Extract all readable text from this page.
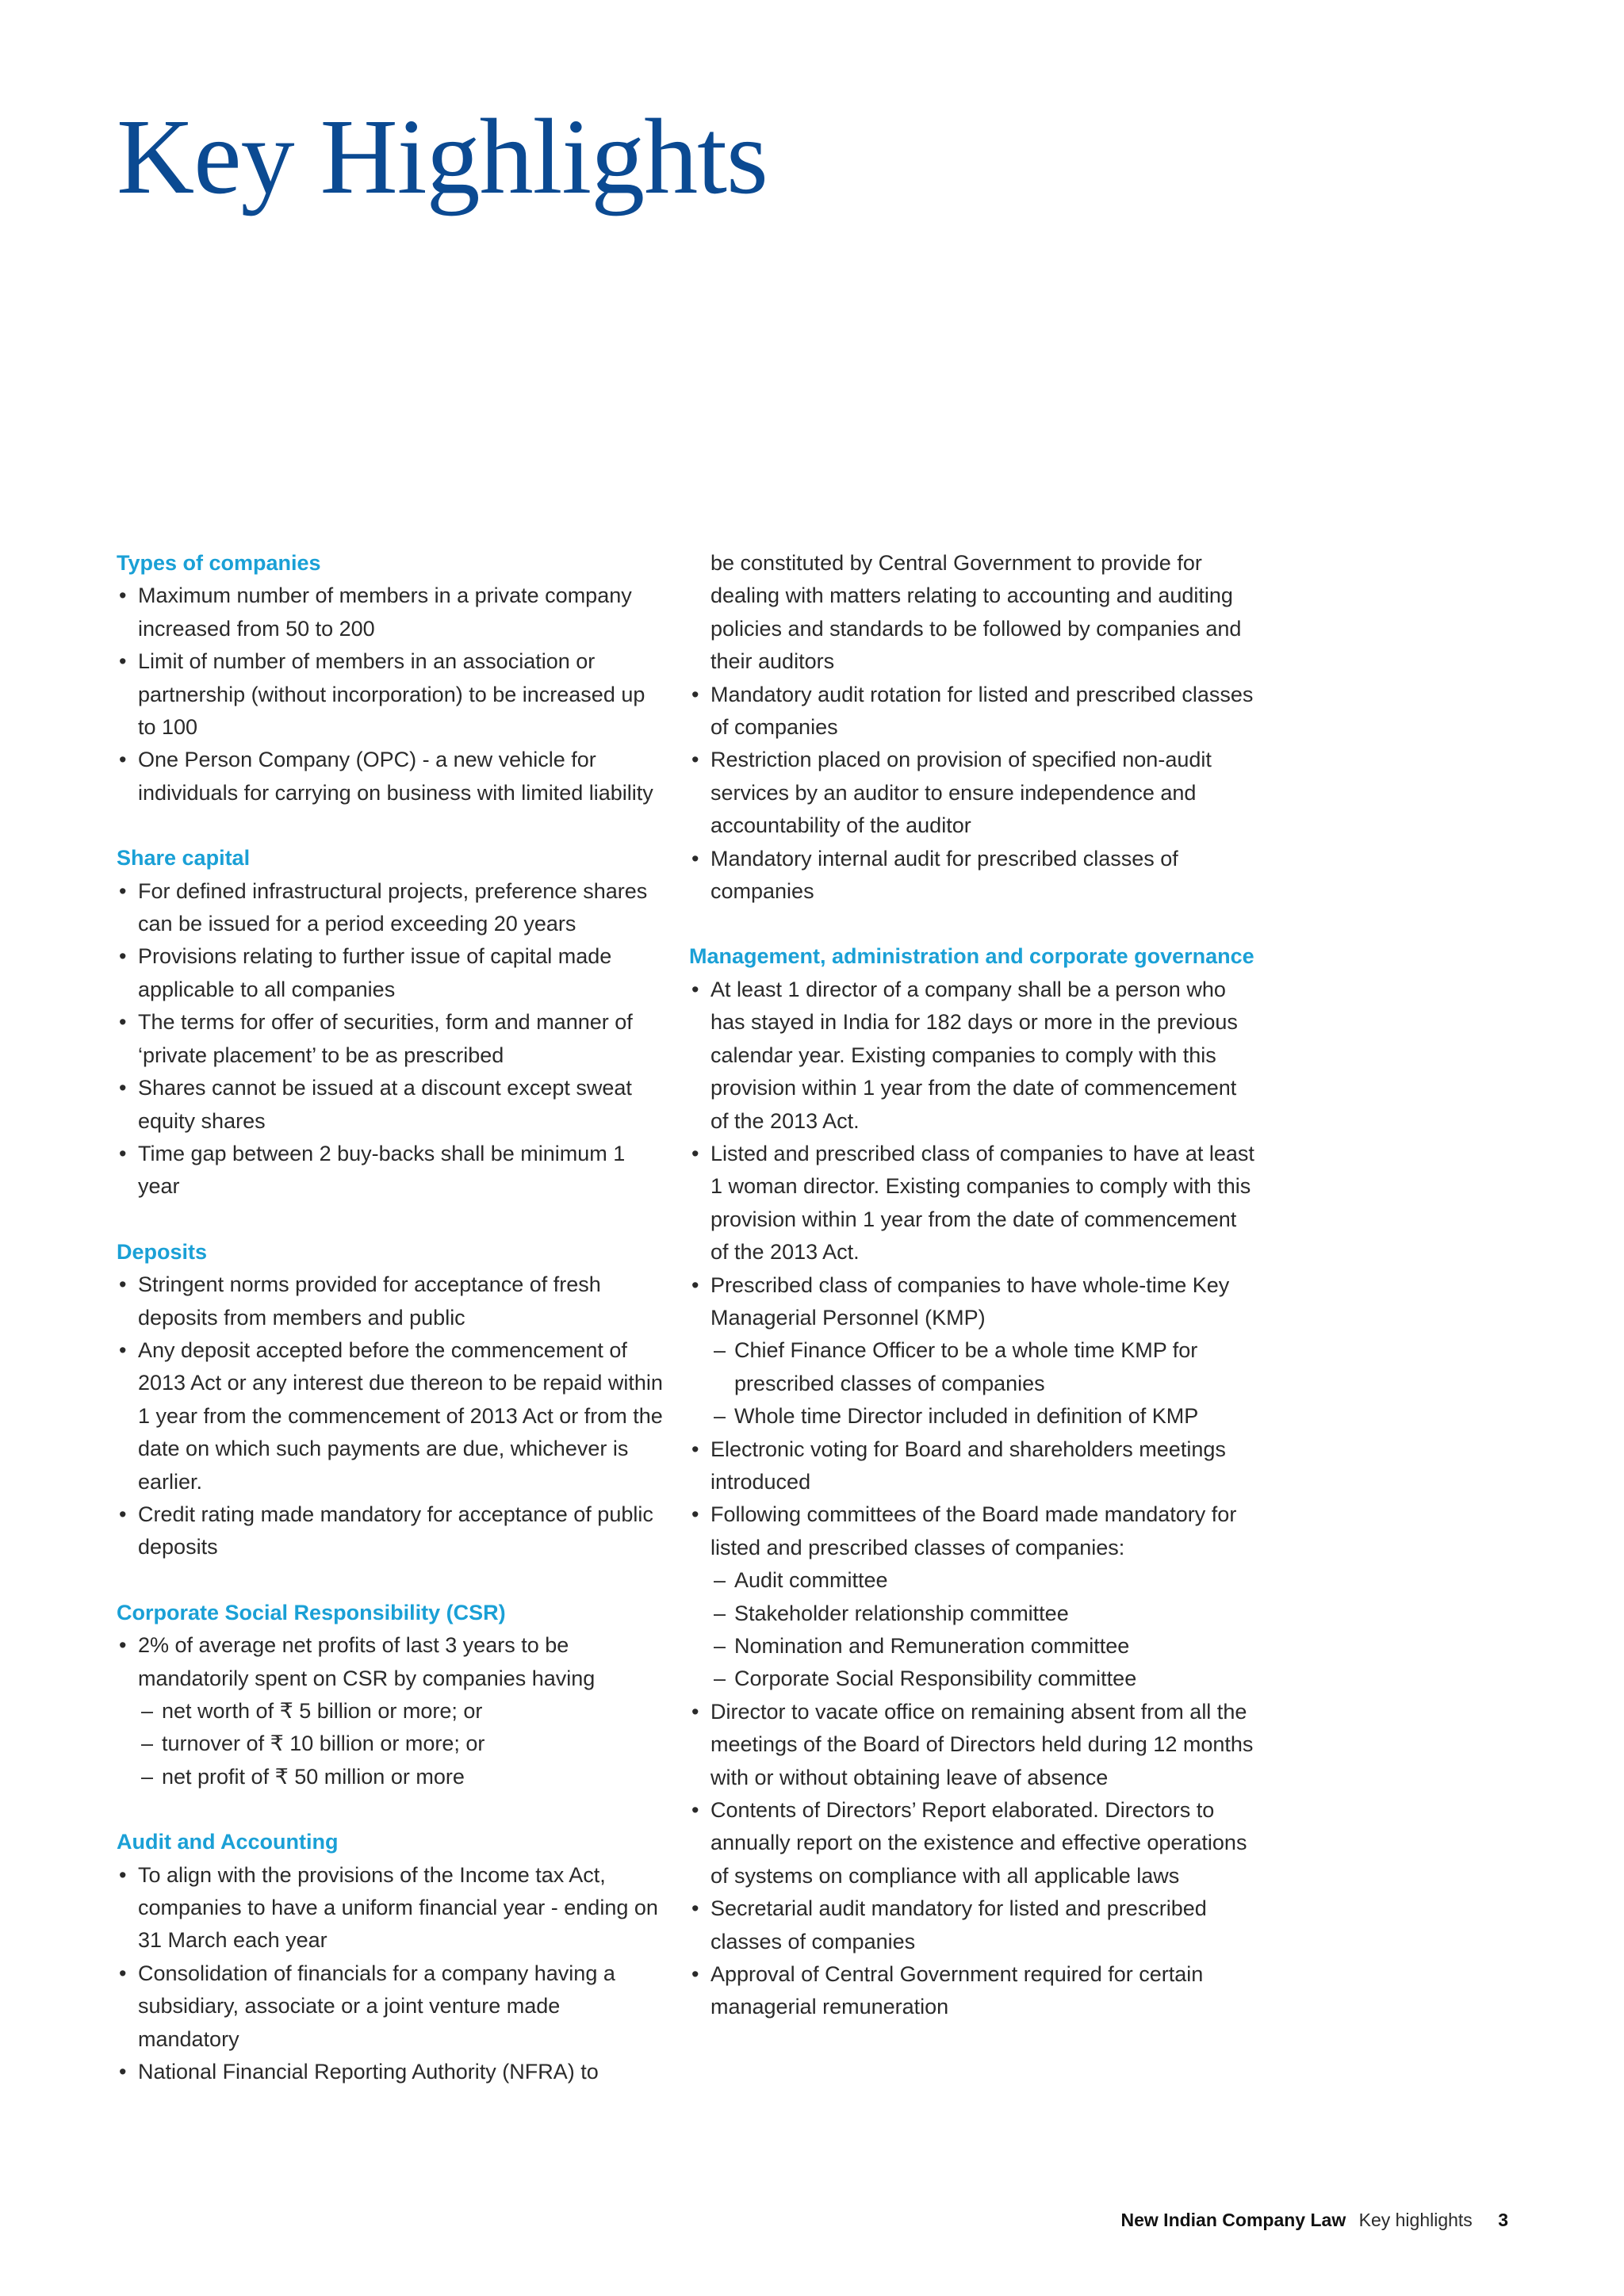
Key Highlights
Types of companies
• Maximum number of members in a private company increased from 50 to 200
• Limit of number of members in an association or partnership (without incorporation) to be increased up to 100
• One Person Company (OPC) - a new vehicle for individuals for carrying on business with limited liability
Share capital
• For defined infrastructural projects, preference shares can be issued for a period exceeding 20 years
• Provisions relating to further issue of capital made applicable to all companies
• The terms for offer of securities, form and manner of ‘private placement’ to be as prescribed
• Shares cannot be issued at a discount except sweat equity shares
• Time gap between 2 buy-backs shall be minimum 1 year
Deposits
• Stringent norms provided for acceptance of fresh deposits from members and public
• Any deposit accepted before the commencement of 2013 Act or any interest due thereon to be repaid within 1 year from the commencement of 2013 Act or from the date on which such payments are due, whichever is earlier.
• Credit rating made mandatory for acceptance of public deposits
Corporate Social Responsibility (CSR)
• 2% of average net profits of last 3 years to be mandatorily spent on CSR by companies having
– net worth of ₹ 5 billion or more; or
– turnover of ₹ 10 billion or more; or
– net profit of ₹ 50 million or more
Audit and Accounting
• To align with the provisions of the Income tax Act, companies to have a uniform financial year - ending on 31 March each year
• Consolidation of financials for a company having a subsidiary, associate or a joint venture made mandatory
• National Financial Reporting Authority (NFRA) to
be constituted by Central Government to provide for dealing with matters relating to accounting and auditing policies and standards to be followed by companies and their auditors
• Mandatory audit rotation for listed and prescribed classes of companies
• Restriction placed on provision of specified non-audit services by an auditor to ensure independence and accountability of the auditor
• Mandatory internal audit for prescribed classes of companies
Management, administration and corporate governance
• At least 1 director of a company shall be a person who has stayed in India for 182 days or more in the previous calendar year. Existing companies to comply with this provision within 1 year from the date of commencement of the 2013 Act.
• Listed and prescribed class of companies to have at least 1 woman director. Existing companies to comply with this provision within 1 year from the date of commencement of the 2013 Act.
• Prescribed class of companies to have whole-time Key Managerial Personnel (KMP)
– Chief Finance Officer to be a whole time KMP for prescribed classes of companies
– Whole time Director included in definition of KMP
• Electronic voting for Board and shareholders meetings introduced
• Following committees of the Board made mandatory for listed and prescribed classes of companies:
– Audit committee
– Stakeholder relationship committee
– Nomination and Remuneration committee
– Corporate Social Responsibility committee
• Director to vacate office on remaining absent from all the meetings of the Board of Directors held during 12 months with or without obtaining leave of absence
• Contents of Directors’ Report elaborated. Directors to annually report on the existence and effective operations of systems on compliance with all applicable laws
• Secretarial audit mandatory for listed and prescribed classes of companies
• Approval of Central Government required for certain managerial remuneration
New Indian Company Law Key highlights 3
